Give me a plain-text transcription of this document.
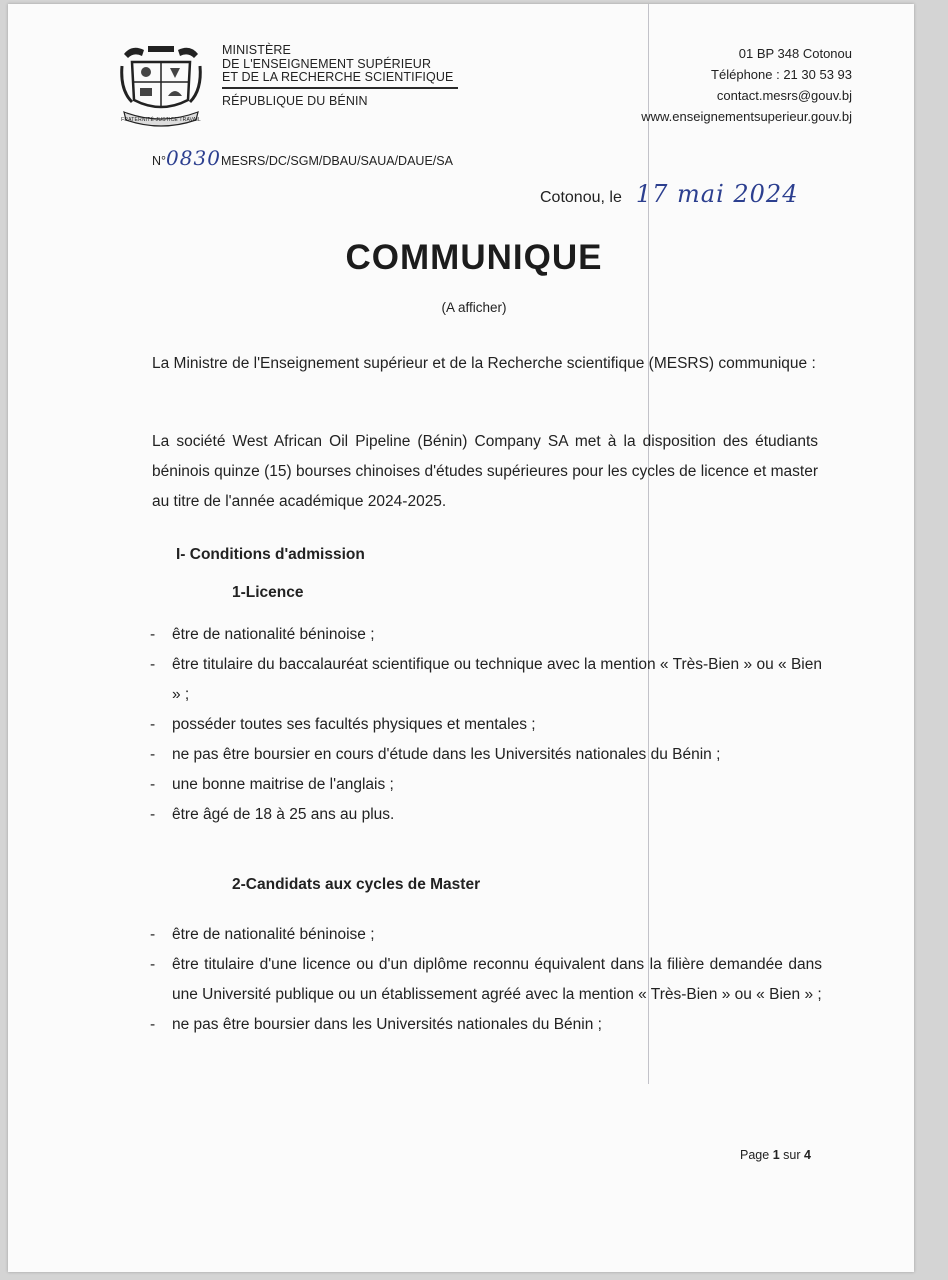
FRATERNITÉ JUSTICE TRAVAIL
MINISTÈRE
DE L'ENSEIGNEMENT SUPÉRIEUR
ET DE LA RECHERCHE SCIENTIFIQUE
RÉPUBLIQUE DU BÉNIN
01 BP 348 Cotonou
Téléphone : 21 30 53 93
contact.mesrs@gouv.bj
www.enseignementsuperieur.gouv.bj
N°0830MESRS/DC/SGM/DBAU/SAUA/DAUE/SA
Cotonou, le 17 mai 2024
COMMUNIQUE
(A afficher)
La Ministre de l'Enseignement supérieur et de la Recherche scientifique (MESRS) communique :
La société West African Oil Pipeline (Bénin) Company SA met à la disposition des étudiants béninois quinze (15) bourses chinoises d'études supérieures pour les cycles de licence et master au titre de l'année académique 2024-2025.
I- Conditions d'admission
1-Licence
- être de nationalité béninoise ;
- être titulaire du baccalauréat scientifique ou technique avec la mention « Très-Bien » ou « Bien » ;
- posséder toutes ses facultés physiques et mentales ;
- ne pas être boursier en cours d'étude dans les Universités nationales du Bénin ;
- une bonne maitrise de l'anglais ;
- être âgé de 18 à 25 ans au plus.
2-Candidats aux cycles de Master
- être de nationalité béninoise ;
- être titulaire d'une licence ou d'un diplôme reconnu équivalent dans la filière demandée dans une Université publique ou un établissement agréé avec la mention « Très-Bien » ou « Bien » ;
- ne pas être boursier dans les Universités nationales du Bénin ;
Page 1 sur 4
